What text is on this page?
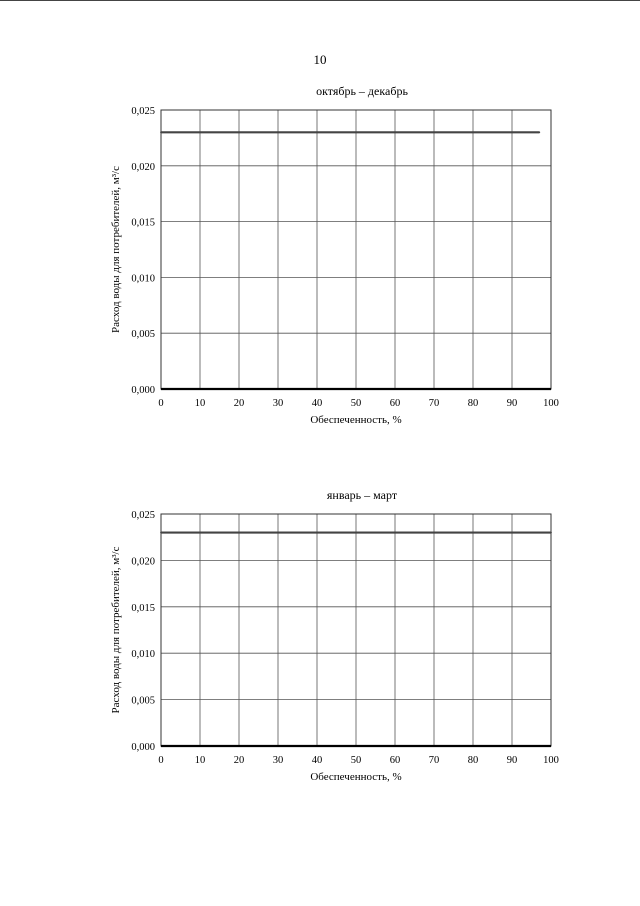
10
октябрь – декабрь
0	10	20	30	40	50	60	70	80	90 100
0,000
0,005
0,010
0,015
0,020
0,025
Обеспеченность, %
Расход воды для потребителей, м³/с
январь – март
0	10	20	30	40	50	60	70	80	90 100
0,000
0,005
0,010
0,015
0,020
0,025
Обеспеченность, %
Расход воды для потребителей, м³/с
